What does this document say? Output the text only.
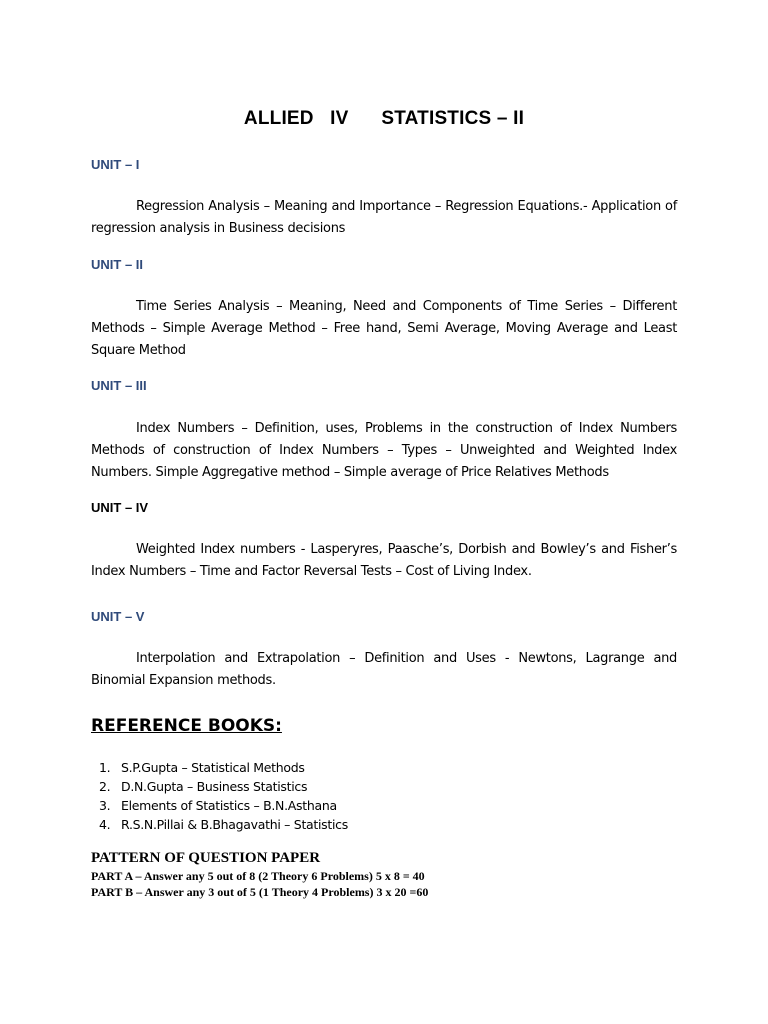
ALLIED   IV      STATISTICS – II
UNIT – I
Regression Analysis – Meaning and Importance – Regression Equations.- Application of regression analysis in Business decisions
UNIT – II
Time Series Analysis – Meaning, Need and Components of Time Series – Different Methods – Simple Average Method – Free hand, Semi Average, Moving Average and Least Square Method
UNIT – III
Index Numbers – Definition, uses, Problems in the construction of Index Numbers Methods of construction of Index Numbers – Types – Unweighted and Weighted Index Numbers. Simple Aggregative method – Simple average of Price Relatives Methods
UNIT – IV
Weighted Index numbers - Lasperyres, Paasche’s, Dorbish and Bowley’s and Fisher’s Index Numbers – Time and Factor Reversal Tests – Cost of Living Index.
UNIT – V
Interpolation and Extrapolation – Definition and Uses - Newtons, Lagrange and Binomial Expansion methods.
REFERENCE BOOKS:
1. S.P.Gupta – Statistical Methods
2. D.N.Gupta – Business Statistics
3. Elements of Statistics – B.N.Asthana
4. R.S.N.Pillai & B.Bhagavathi – Statistics
PATTERN OF QUESTION PAPER
PART A – Answer any 5 out of 8 (2 Theory 6 Problems) 5 x 8 = 40
PART B – Answer any 3 out of 5 (1 Theory 4 Problems) 3 x 20 =60
